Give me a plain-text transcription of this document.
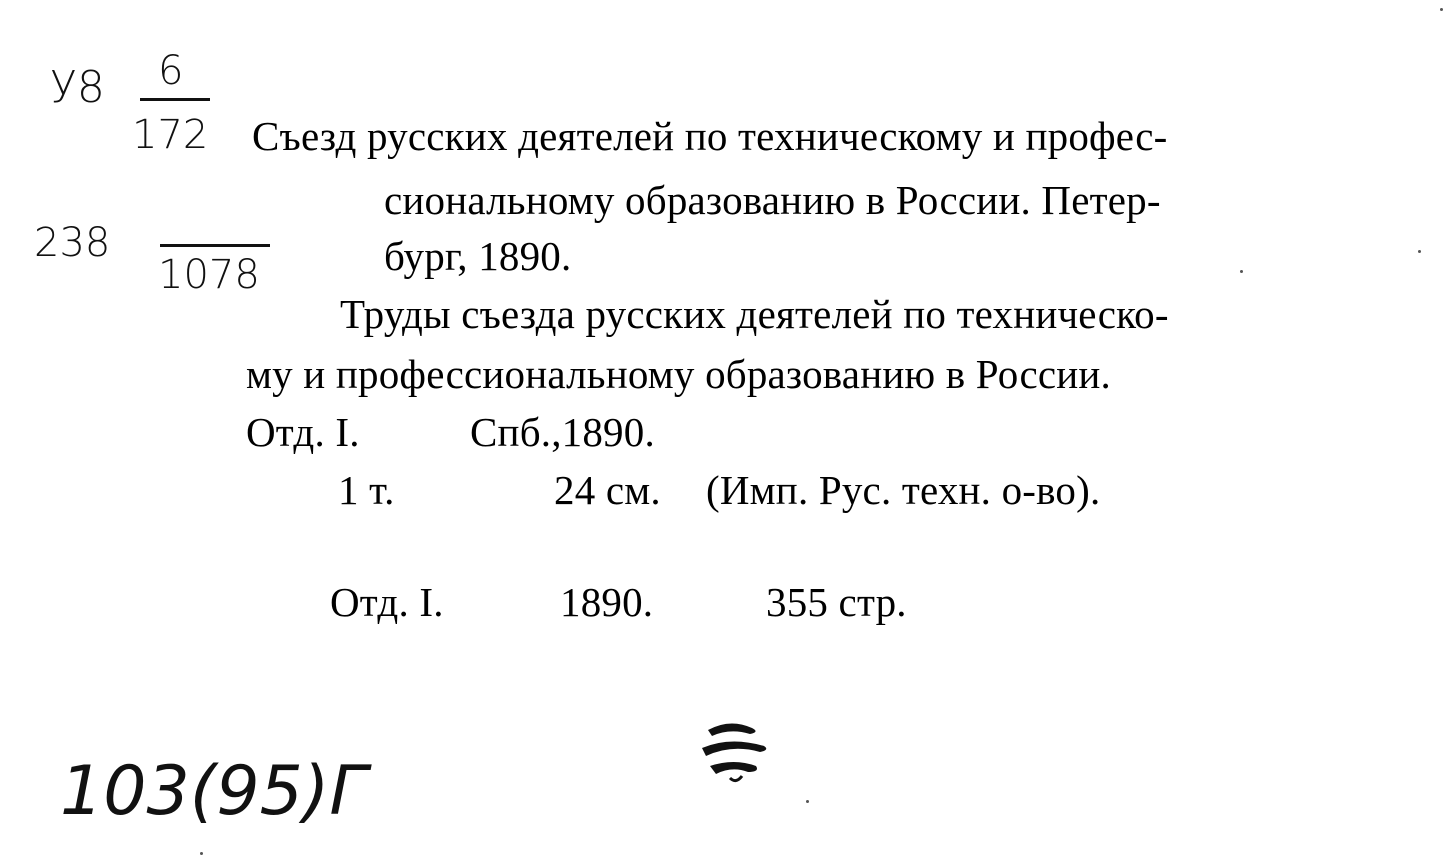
У8 6
172
238
1078
Съезд русских деятелей по техническому и профес-
сиональному образованию в России. Петер-
бург, 1890.
Труды съезда русских деятелей по техническо-
му и профессиональному образованию в России.
Отд. I.	Спб.,1890.
1 т.	24 см. (Имп. Рус. техн. о-во).
Отд. I.	1890.	355 стр.
103(95)Г
